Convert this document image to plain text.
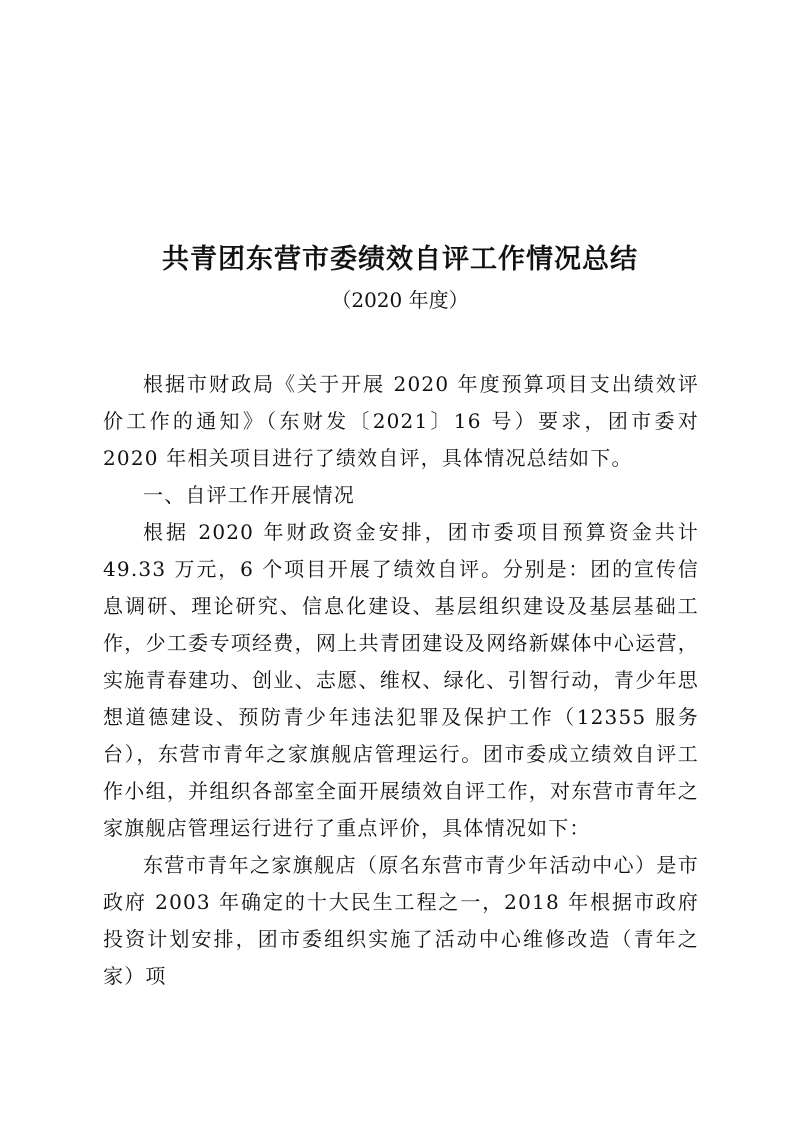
共青团东营市委绩效自评工作情况总结
（2020 年度）

根据市财政局《关于开展 2020 年度预算项目支出绩效评价工作的通知》（东财发〔2021〕16 号）要求，团市委对 2020 年相关项目进行了绩效自评，具体情况总结如下。

一、自评工作开展情况

根据 2020 年财政资金安排，团市委项目预算资金共计 49.33 万元，6 个项目开展了绩效自评。分别是：团的宣传信息调研、理论研究、信息化建设、基层组织建设及基层基础工作，少工委专项经费，网上共青团建设及网络新媒体中心运营，实施青春建功、创业、志愿、维权、绿化、引智行动，青少年思想道德建设、预防青少年违法犯罪及保护工作（12355 服务台），东营市青年之家旗舰店管理运行。团市委成立绩效自评工作小组，并组织各部室全面开展绩效自评工作，对东营市青年之家旗舰店管理运行进行了重点评价，具体情况如下：

东营市青年之家旗舰店（原名东营市青少年活动中心）是市政府 2003 年确定的十大民生工程之一，2018 年根据市政府投资计划安排，团市委组织实施了活动中心维修改造（青年之家）项
